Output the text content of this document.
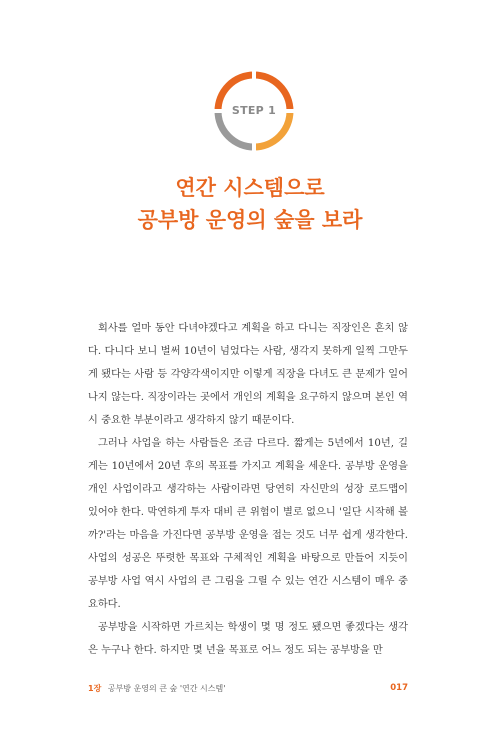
STEP 1
연간 시스템으로
공부방 운영의 숲을 보라

회사를 얼마 동안 다녀야겠다고 계획을 하고 다니는 직장인은 흔치 않다. 다니다 보니 벌써 10년이 넘었다는 사람, 생각지 못하게 일찍 그만두게 됐다는 사람 등 각양각색이지만 이렇게 직장을 다녀도 큰 문제가 일어나지 않는다. 직장이라는 곳에서 개인의 계획을 요구하지 않으며 본인 역시 중요한 부분이라고 생각하지 않기 때문이다.

그러나 사업을 하는 사람들은 조금 다르다. 짧게는 5년에서 10년, 길게는 10년에서 20년 후의 목표를 가지고 계획을 세운다. 공부방 운영을 개인 사업이라고 생각하는 사람이라면 당연히 자신만의 성장 로드맵이 있어야 한다. 막연하게 투자 대비 큰 위험이 별로 없으니 '일단 시작해 볼까?'라는 마음을 가진다면 공부방 운영을 접는 것도 너무 쉽게 생각한다. 사업의 성공은 뚜렷한 목표와 구체적인 계획을 바탕으로 만들어 지듯이 공부방 사업 역시 사업의 큰 그림을 그릴 수 있는 연간 시스템이 매우 중요하다.

공부방을 시작하면 가르치는 학생이 몇 명 정도 됐으면 좋겠다는 생각은 누구나 한다. 하지만 몇 년을 목표로 어느 정도 되는 공부방을 만

1장 공부방 운영의 큰 숲 '연간 시스템'	017
